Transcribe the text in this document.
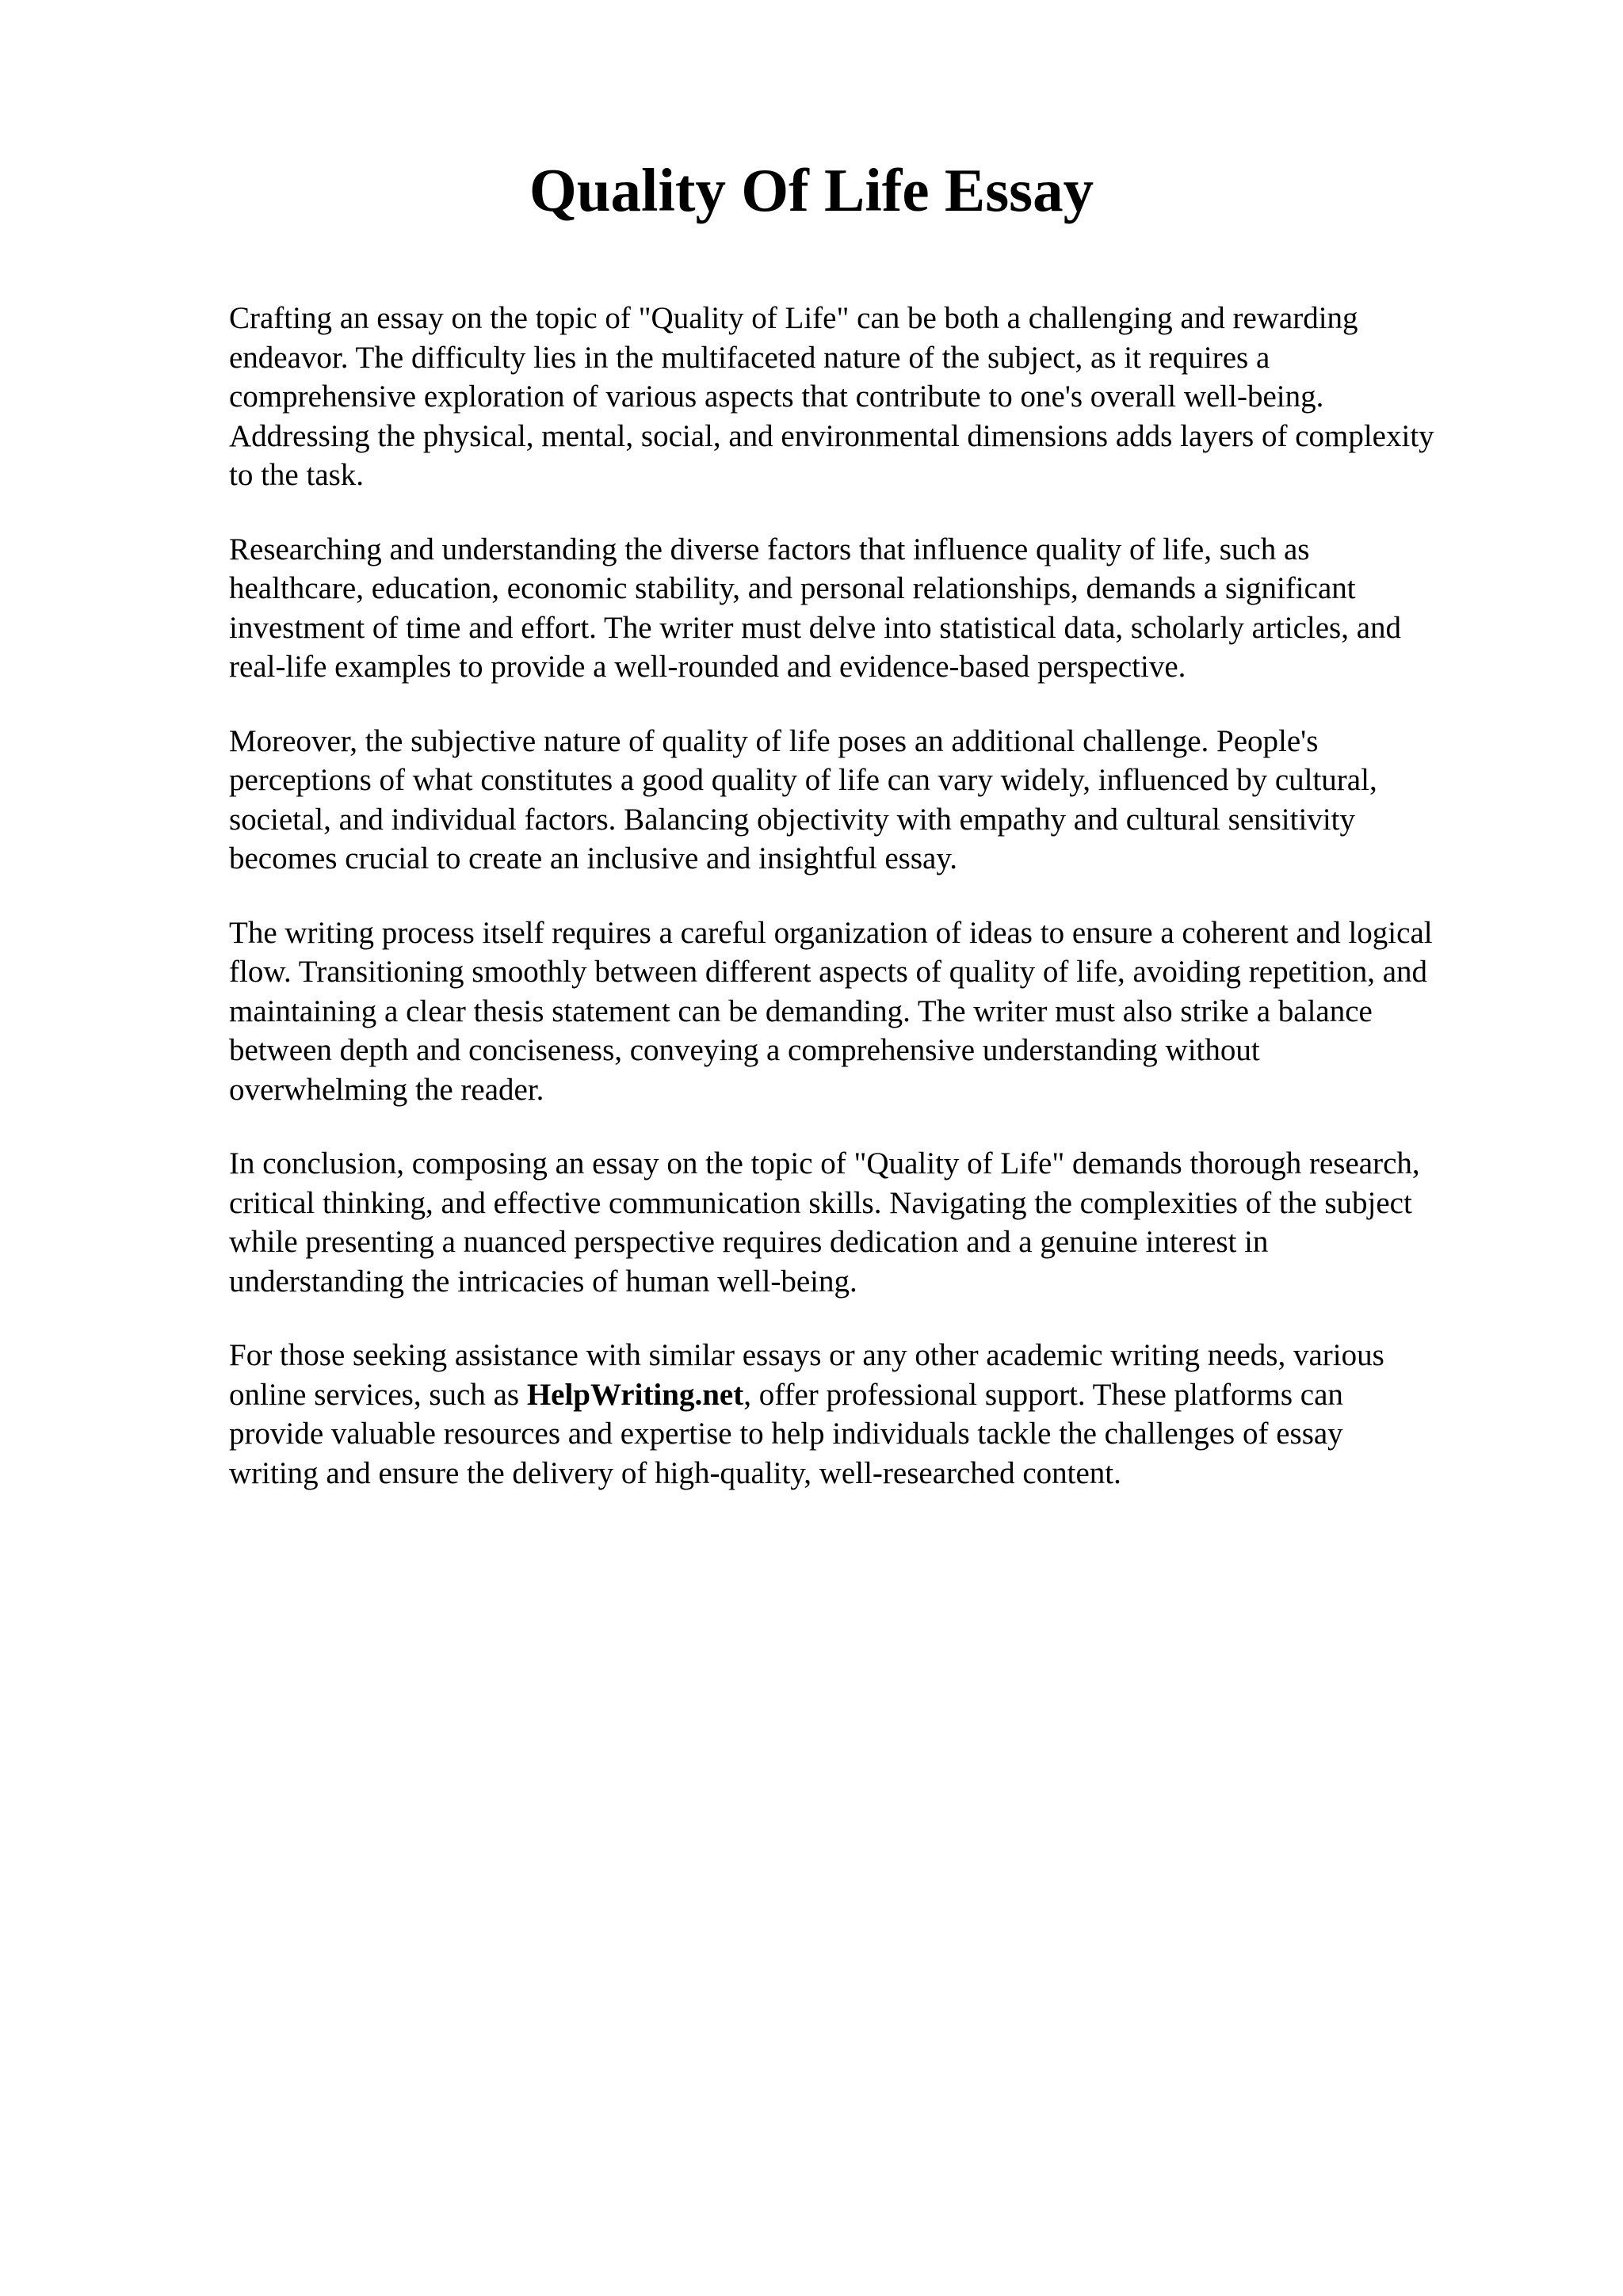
Quality Of Life Essay

Crafting an essay on the topic of "Quality of Life" can be both a challenging and rewarding
endeavor. The difficulty lies in the multifaceted nature of the subject, as it requires a
comprehensive exploration of various aspects that contribute to one's overall well-being.
Addressing the physical, mental, social, and environmental dimensions adds layers of complexity
to the task.

Researching and understanding the diverse factors that influence quality of life, such as
healthcare, education, economic stability, and personal relationships, demands a significant
investment of time and effort. The writer must delve into statistical data, scholarly articles, and
real-life examples to provide a well-rounded and evidence-based perspective.

Moreover, the subjective nature of quality of life poses an additional challenge. People's
perceptions of what constitutes a good quality of life can vary widely, influenced by cultural,
societal, and individual factors. Balancing objectivity with empathy and cultural sensitivity
becomes crucial to create an inclusive and insightful essay.

The writing process itself requires a careful organization of ideas to ensure a coherent and logical
flow. Transitioning smoothly between different aspects of quality of life, avoiding repetition, and
maintaining a clear thesis statement can be demanding. The writer must also strike a balance
between depth and conciseness, conveying a comprehensive understanding without
overwhelming the reader.

In conclusion, composing an essay on the topic of "Quality of Life" demands thorough research,
critical thinking, and effective communication skills. Navigating the complexities of the subject
while presenting a nuanced perspective requires dedication and a genuine interest in
understanding the intricacies of human well-being.

For those seeking assistance with similar essays or any other academic writing needs, various
online services, such as HelpWriting.net, offer professional support. These platforms can
provide valuable resources and expertise to help individuals tackle the challenges of essay
writing and ensure the delivery of high-quality, well-researched content.
